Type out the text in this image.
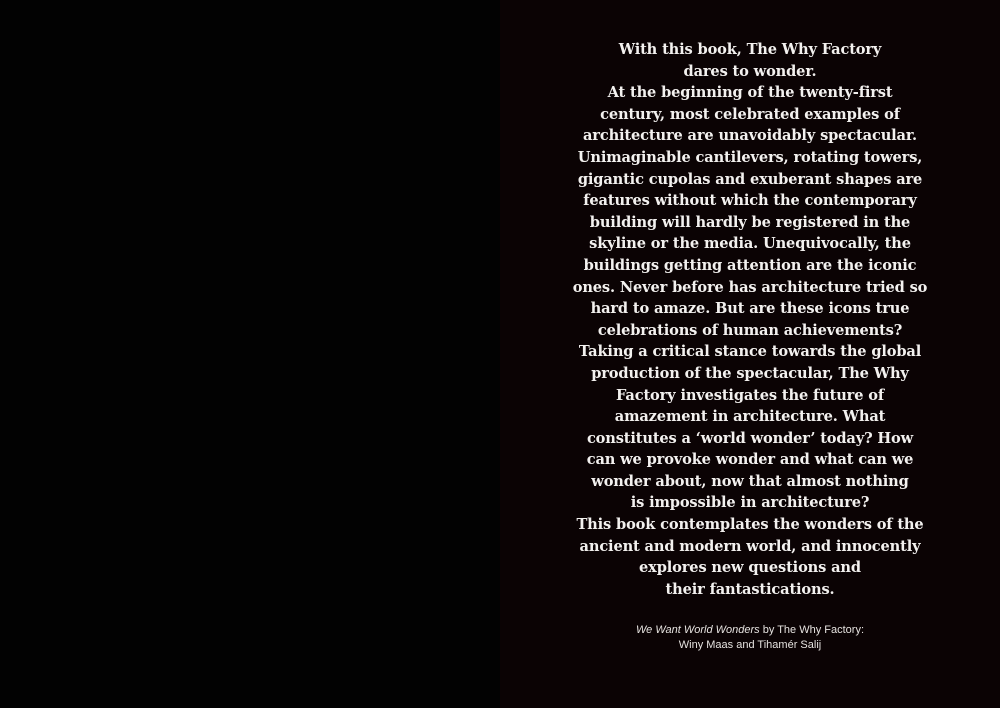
With this book, The Why Factory
dares to wonder.
At the beginning of the twenty-first
century, most celebrated examples of
architecture are unavoidably spectacular.
Unimaginable cantilevers, rotating towers,
gigantic cupolas and exuberant shapes are
features without which the contemporary
building will hardly be registered in the
skyline or the media. Unequivocally, the
buildings getting attention are the iconic
ones. Never before has architecture tried so
hard to amaze. But are these icons true
celebrations of human achievements?
Taking a critical stance towards the global
production of the spectacular, The Why
Factory investigates the future of
amazement in architecture. What
constitutes a ‘world wonder’ today? How
can we provoke wonder and what can we
wonder about, now that almost nothing
is impossible in architecture?
This book contemplates the wonders of the
ancient and modern world, and innocently
explores new questions and
their fantastications.
We Want World Wonders by The Why Factory:
Winy Maas and Tihamér Salij
